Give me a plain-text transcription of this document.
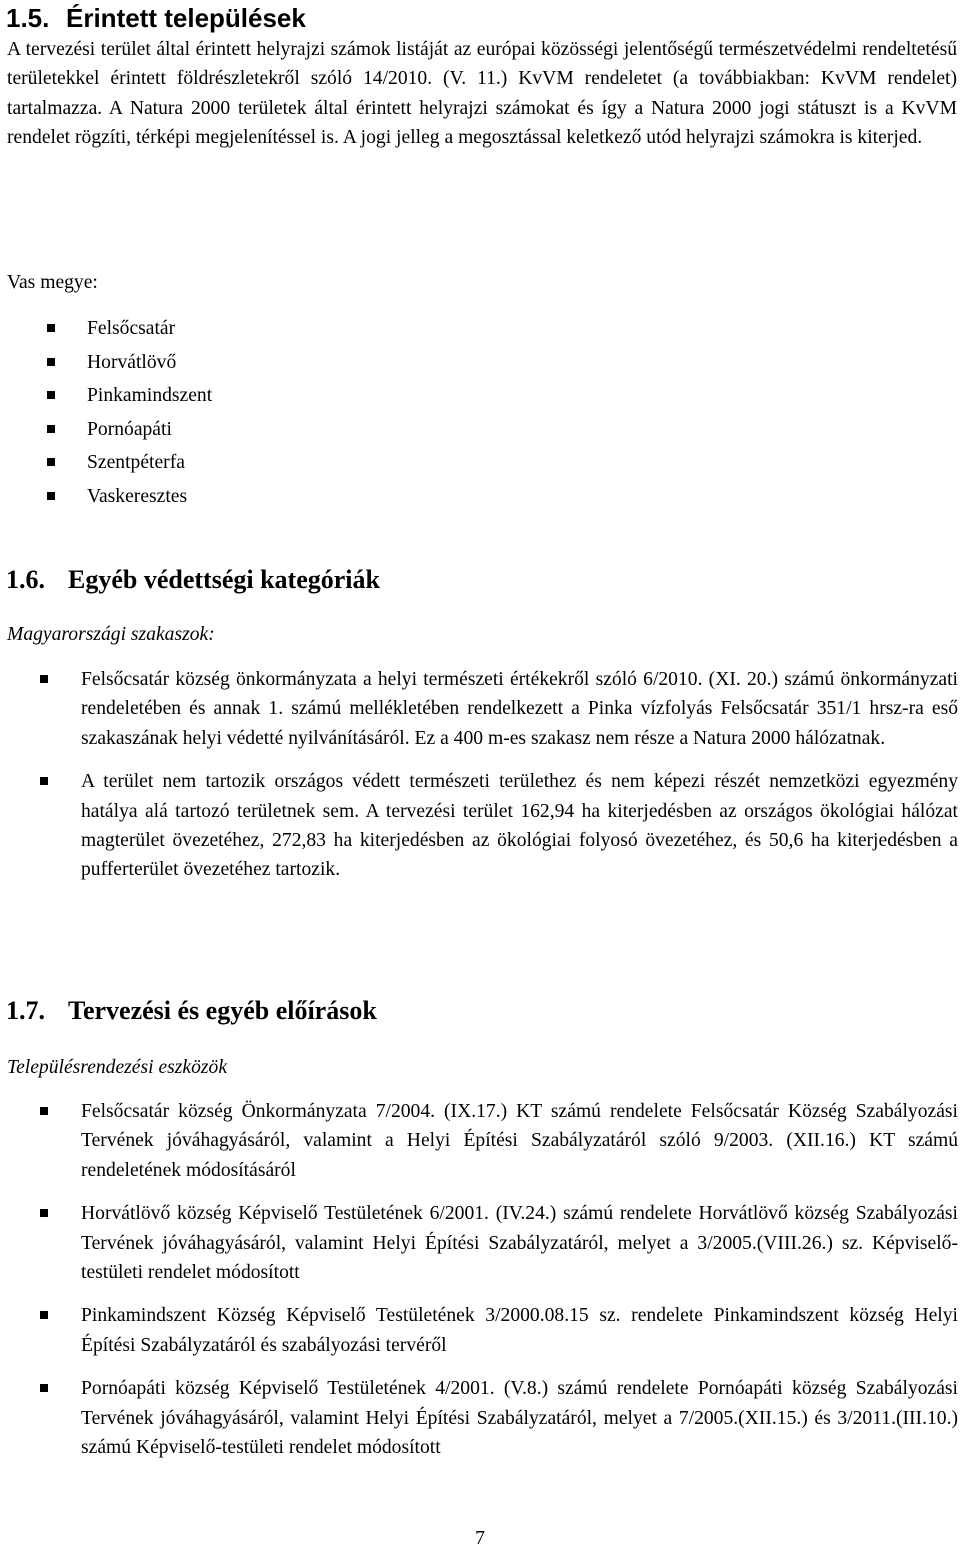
1.5. Érintett települések

A tervezési terület által érintett helyrajzi számok listáját az európai közösségi jelentőségű természetvédelmi rendeltetésű területekkel érintett földrészletekről szóló 14/2010. (V. 11.) KvVM rendeletet (a továbbiakban: KvVM rendelet) tartalmazza. A Natura 2000 területek által érintett helyrajzi számokat és így a Natura 2000 jogi státuszt is a KvVM rendelet rögzíti, térképi megjelenítéssel is. A jogi jelleg a megosztással keletkező utód helyrajzi számokra is kiterjed.

Vas megye:

Felsőcsatár
Horvátlövő
Pinkamindszent
Pornóapáti
Szentpéterfa
Vaskeresztes
1.6. Egyéb védettségi kategóriák

Magyarországi szakaszok:

Felsőcsatár község önkormányzata a helyi természeti értékekről szóló 6/2010. (XI. 20.) számú önkormányzati rendeletében és annak 1. számú mellékletében rendelkezett a Pinka vízfolyás Felsőcsatár 351/1 hrsz-ra eső szakaszának helyi védetté nyilvánításáról. Ez a 400 m-es szakasz nem része a Natura 2000 hálózatnak.
A terület nem tartozik országos védett természeti területhez és nem képezi részét nemzetközi egyezmény hatálya alá tartozó területnek sem. A tervezési terület 162,94 ha kiterjedésben az országos ökológiai hálózat magterület övezetéhez, 272,83 ha kiterjedésben az ökológiai folyosó övezetéhez, és 50,6 ha kiterjedésben a pufferterület övezetéhez tartozik.
1.7. Tervezési és egyéb előírások

Településrendezési eszközök

Felsőcsatár község Önkormányzata 7/2004. (IX.17.) KT számú rendelete Felsőcsatár Község Szabályozási Tervének jóváhagyásáról, valamint a Helyi Építési Szabályzatáról szóló 9/2003. (XII.16.) KT számú rendeletének módosításáról
Horvátlövő község Képviselő Testületének 6/2001. (IV.24.) számú rendelete Horvátlövő község Szabályozási Tervének jóváhagyásáról, valamint Helyi Építési Szabályzatáról, melyet a 3/2005.(VIII.26.) sz. Képviselő-testületi rendelet módosított
Pinkamindszent Község Képviselő Testületének 3/2000.08.15 sz. rendelete Pinkamindszent község Helyi Építési Szabályzatáról és szabályozási tervéről
Pornóapáti község Képviselő Testületének 4/2001. (V.8.) számú rendelete Pornóapáti község Szabályozási Tervének jóváhagyásáról, valamint Helyi Építési Szabályzatáról, melyet a 7/2005.(XII.15.) és 3/2011.(III.10.) számú Képviselő-testületi rendelet módosított
7
